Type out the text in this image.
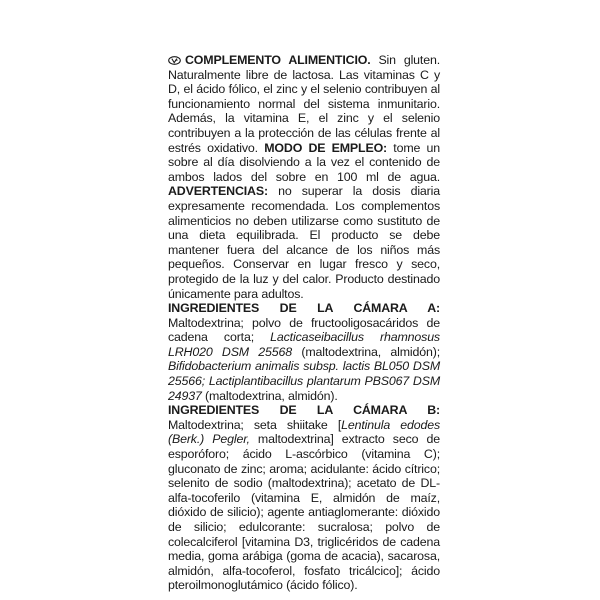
COMPLEMENTO ALIMENTICIO. Sin gluten. Naturalmente libre de lactosa. Las vitaminas C y D, el ácido fólico, el zinc y el selenio contribuyen al funcionamiento normal del sistema inmunitario. Además, la vitamina E, el zinc y el selenio contribuyen a la protección de las células frente al estrés oxidativo. MODO DE EMPLEO: tome un sobre al día disolviendo a la vez el contenido de ambos lados del sobre en 100 ml de agua. ADVERTENCIAS: no superar la dosis diaria expresamente recomendada. Los complementos alimenticios no deben utilizarse como sustituto de una dieta equilibrada. El producto se debe mantener fuera del alcance de los niños más pequeños. Conservar en lugar fresco y seco, protegido de la luz y del calor. Producto destinado únicamente para adultos.

INGREDIENTES DE LA CÁMARA A: Maltodextrina; polvo de fructooligosacáridos de cadena corta; Lacticaseibacillus rhamnosus LRH020 DSM 25568 (maltodextrina, almidón); Bifidobacterium animalis subsp. lactis BL050 DSM 25566; Lactiplantibacillus plantarum PBS067 DSM 24937 (maltodextrina, almidón).

INGREDIENTES DE LA CÁMARA B: Maltodextrina; seta shiitake [Lentinula edodes (Berk.) Pegler, maltodextrina] extracto seco de esporóforo; ácido L-ascórbico (vitamina C); gluconato de zinc; aroma; acidulante: ácido cítrico; selenito de sodio (maltodextrina); acetato de DL-alfa-tocoferilo (vitamina E, almidón de maíz, dióxido de silicio); agente antiaglomerante: dióxido de silicio; edulcorante: sucralosa; polvo de colecalciferol [vitamina D3, triglicéridos de cadena media, goma arábiga (goma de acacia), sacarosa, almidón, alfa-tocoferol, fosfato tricálcico]; ácido pteroilmonoglutámico (ácido fólico).
